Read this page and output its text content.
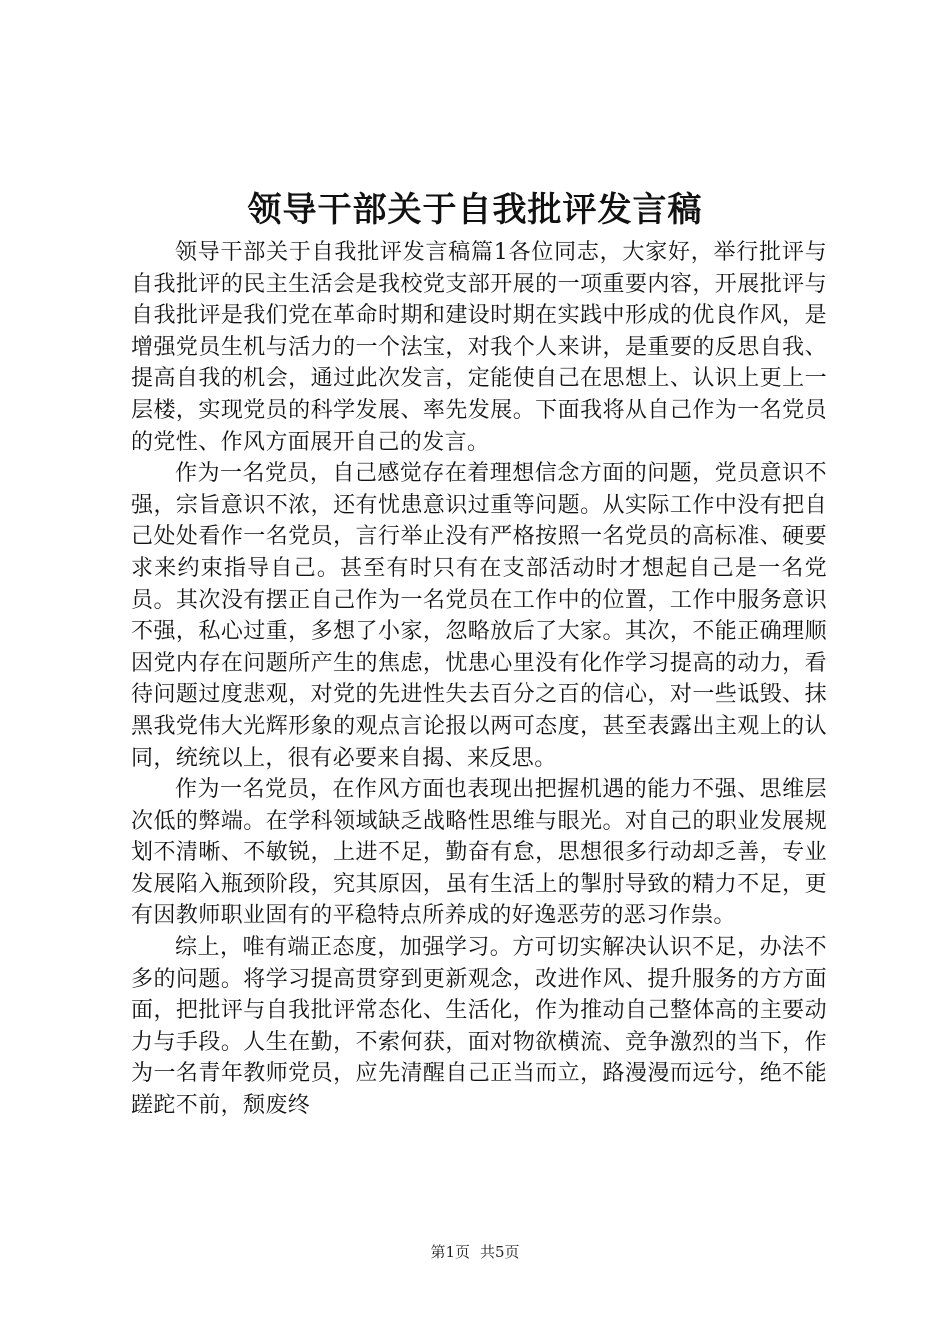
领导干部关于自我批评发言稿

领导干部关于自我批评发言稿篇1各位同志，大家好，举行批评与自我批评的民主生活会是我校党支部开展的一项重要内容，开展批评与自我批评是我们党在革命时期和建设时期在实践中形成的优良作风，是增强党员生机与活力的一个法宝，对我个人来讲，是重要的反思自我、提高自我的机会，通过此次发言，定能使自己在思想上、认识上更上一层楼，实现党员的科学发展、率先发展。下面我将从自己作为一名党员的党性、作风方面展开自己的发言。

作为一名党员，自己感觉存在着理想信念方面的问题，党员意识不强，宗旨意识不浓，还有忧患意识过重等问题。从实际工作中没有把自己处处看作一名党员，言行举止没有严格按照一名党员的高标准、硬要求来约束指导自己。甚至有时只有在支部活动时才想起自己是一名党员。其次没有摆正自己作为一名党员在工作中的位置，工作中服务意识不强，私心过重，多想了小家，忽略放后了大家。其次，不能正确理顺因党内存在问题所产生的焦虑，忧患心里没有化作学习提高的动力，看待问题过度悲观，对党的先进性失去百分之百的信心，对一些诋毁、抹黑我党伟大光辉形象的观点言论报以两可态度，甚至表露出主观上的认同，统统以上，很有必要来自揭、来反思。

作为一名党员，在作风方面也表现出把握机遇的能力不强、思维层次低的弊端。在学科领域缺乏战略性思维与眼光。对自己的职业发展规划不清晰、不敏锐，上进不足，勤奋有怠，思想很多行动却乏善，专业发展陷入瓶颈阶段，究其原因，虽有生活上的掣肘导致的精力不足，更有因教师职业固有的平稳特点所养成的好逸恶劳的恶习作祟。

综上，唯有端正态度，加强学习。方可切实解决认识不足，办法不多的问题。将学习提高贯穿到更新观念，改进作风、提升服务的方方面面，把批评与自我批评常态化、生活化，作为推动自己整体高的主要动力与手段。人生在勤，不索何获，面对物欲横流、竞争激烈的当下，作为一名青年教师党员，应先清醒自己正当而立，路漫漫而远兮，绝不能蹉跎不前，颓废终

第1页 共5页
